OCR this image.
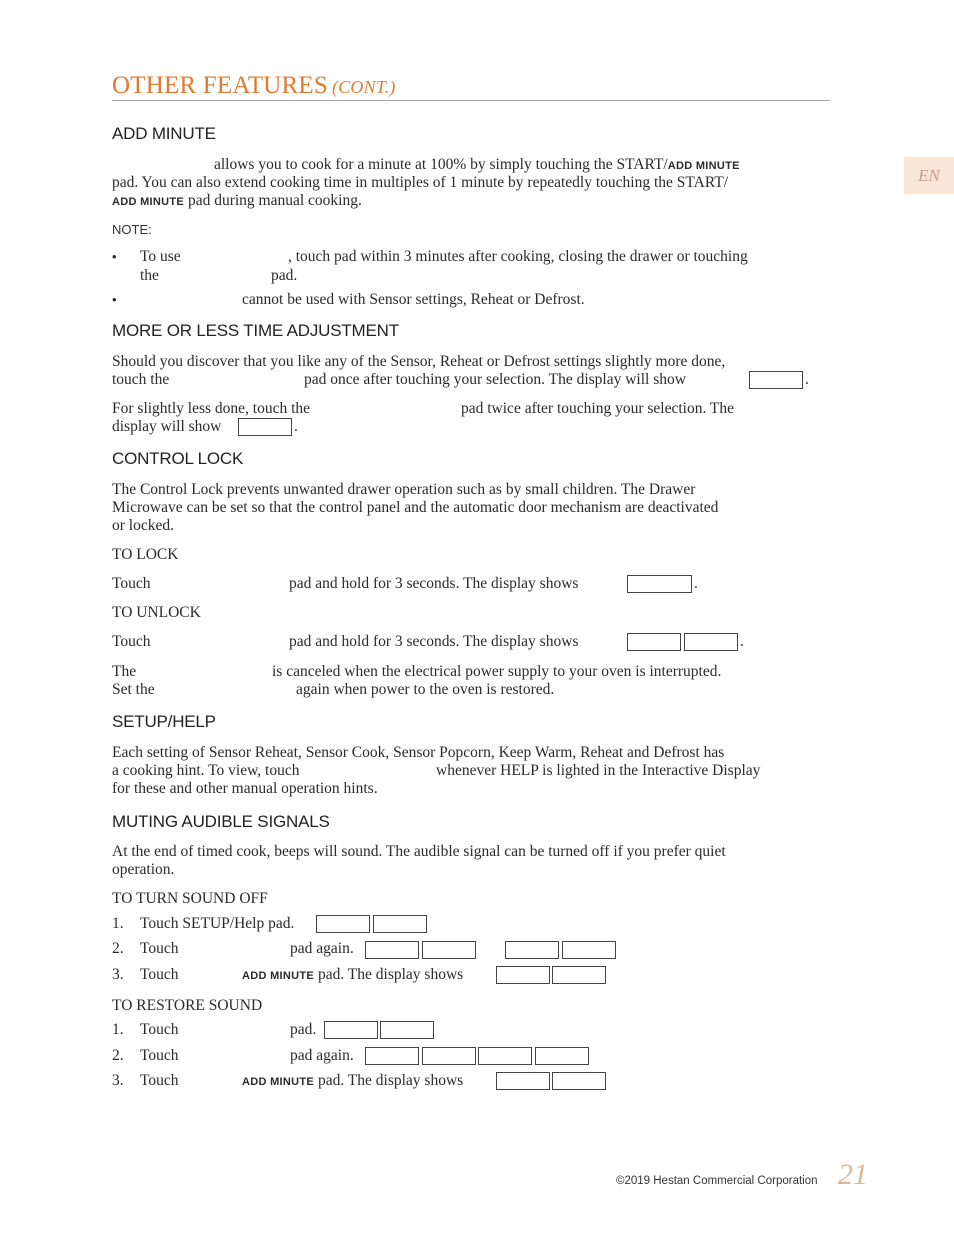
OTHER FEATURES (CONT.)
EN
ADD MINUTE
allows you to cook for a minute at 100% by simply touching the START/ADD MINUTE
pad. You can also extend cooking time in multiples of 1 minute by repeatedly touching the START/
ADD MINUTE pad during manual cooking.
NOTE:
• To use	, touch pad within 3 minutes after cooking, closing the drawer or touching
the	pad.
•	cannot be used with Sensor settings, Reheat or Defrost.
MORE OR LESS TIME ADJUSTMENT
Should you discover that you like any of the Sensor, Reheat or Defrost settings slightly more done,
touch the	pad once after touching your selection. The display will show	.
For slightly less done, touch the	pad twice after touching your selection. The
display will show	.
CONTROL LOCK
The Control Lock prevents unwanted drawer operation such as by small children. The Drawer
Microwave can be set so that the control panel and the automatic door mechanism are deactivated
or locked.
TO LOCK
Touch	pad and hold for 3 seconds. The display shows	.
TO UNLOCK
Touch	pad and hold for 3 seconds. The display shows	.
The	is canceled when the electrical power supply to your oven is interrupted.
Set the	again when power to the oven is restored.
SETUP/HELP
Each setting of Sensor Reheat, Sensor Cook, Sensor Popcorn, Keep Warm, Reheat and Defrost has
a cooking hint. To view, touch	whenever HELP is lighted in the Interactive Display
for these and other manual operation hints.
MUTING AUDIBLE SIGNALS
At the end of timed cook, beeps will sound. The audible signal can be turned off if you prefer quiet
operation.
TO TURN SOUND OFF
1. Touch SETUP/Help pad.
2. Touch	pad again.
3. Touch	ADD MINUTE pad. The display shows
TO RESTORE SOUND
1. Touch	pad.
2. Touch	pad again.
3. Touch	ADD MINUTE pad. The display shows
©2019 Hestan Commercial Corporation 21
